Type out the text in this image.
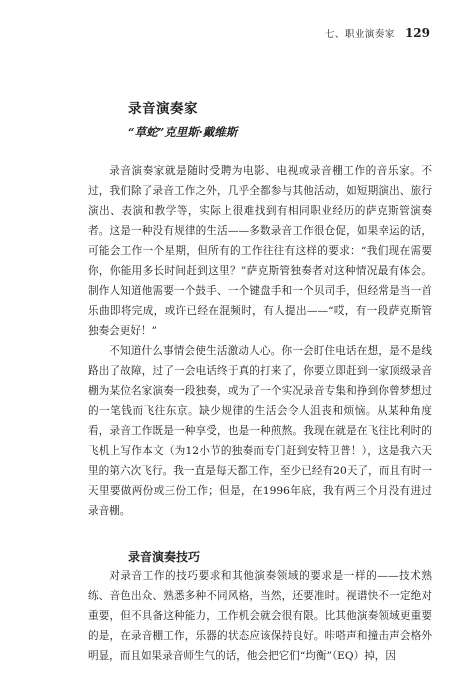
七、职业演奏家 129
录音演奏家

“草蛇”克里斯·戴维斯

录音演奏家就是随时受聘为电影、电视或录音棚工作的音乐家。不过，我们除了录音工作之外，几乎全都参与其他活动，如短期演出、旅行演出、表演和教学等，实际上很难找到有相同职业经历的萨克斯管演奏者。这是一种没有规律的生活——多数录音工作很仓促，如果幸运的话，可能会工作一个星期，但所有的工作往往有这样的要求：“我们现在需要你，你能用多长时间赶到这里？”萨克斯管独奏者对这种情况最有体会。制作人知道他需要一个鼓手、一个键盘手和一个贝司手，但经常是当一首乐曲即将完成，或许已经在混频时，有人提出——“哎，有一段萨克斯管独奏会更好！”

不知道什么事情会使生活激动人心。你一会盯住电话在想，是不是线路出了故障，过了一会电话终于真的打来了，你要立即赶到一家顶级录音棚为某位名家演奏一段独奏，或为了一个实况录音专集和挣到你曾梦想过的一笔钱而飞往东京。缺少规律的生活会令人沮丧和烦恼。从某种角度看，录音工作既是一种享受，也是一种煎熬。我现在就是在飞往比利时的飞机上写作本文（为12小节的独奏而专门赶到安特卫普！），这是我六天里的第六次飞行。我一直是每天都工作，至少已经有20天了，而且有时一天里要做两份或三份工作；但是，在1996年底，我有两三个月没有进过录音棚。

录音演奏技巧

对录音工作的技巧要求和其他演奏领域的要求是一样的——技术熟练、音色出众、熟悉多种不同风格，当然，还要准时。视谱快不一定绝对重要，但不具备这种能力，工作机会就会很有限。比其他演奏领域更重要的是，在录音棚工作，乐器的状态应该保持良好。咔嗒声和撞击声会格外明显，而且如果录音师生气的话，他会把它们“均衡”（EQ）掉，因
